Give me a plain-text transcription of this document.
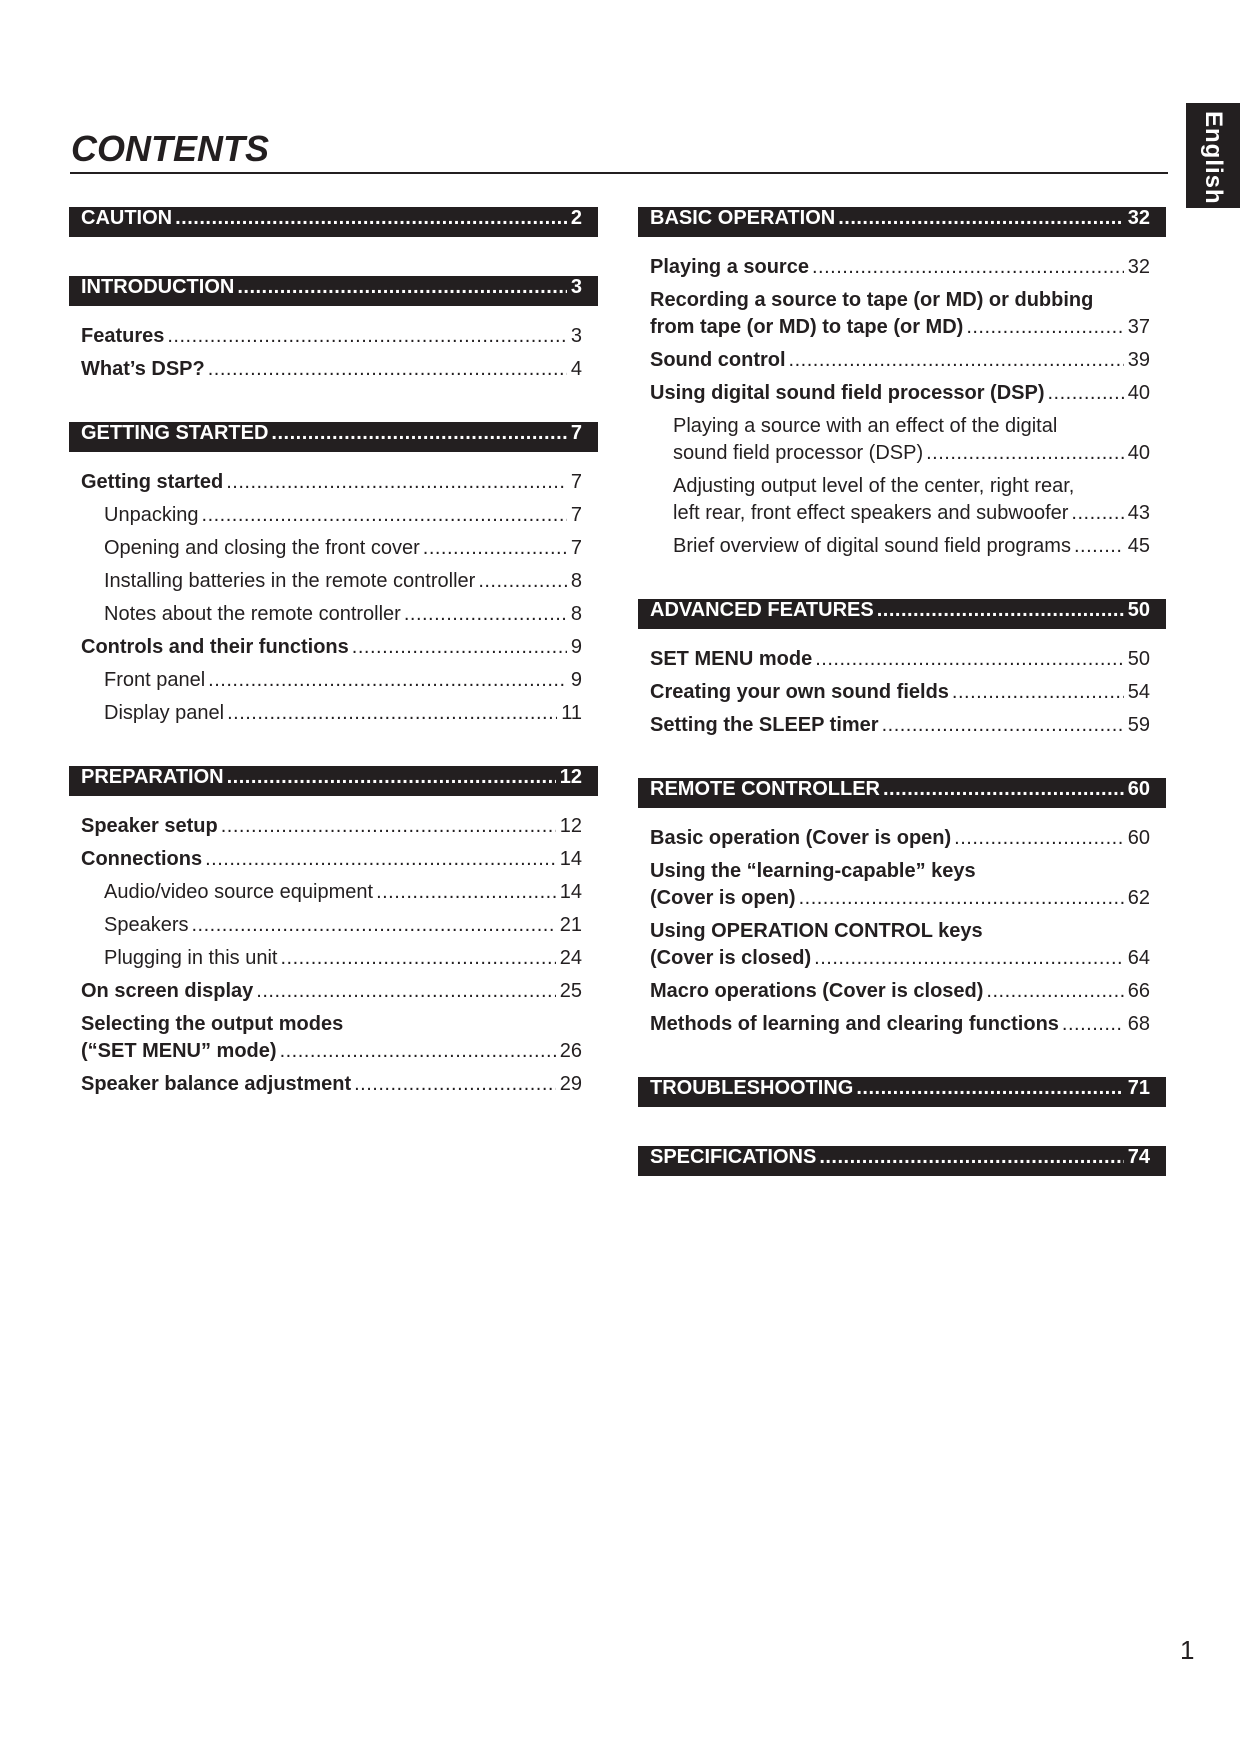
CONTENTS	English
CAUTION .....	2
INTRODUCTION .....	3
Features .....	3
What’s DSP? .....	4
GETTING STARTED .....	7
Getting started .....	7
Unpacking .....	7
Opening and closing the front cover .....	7
Installing batteries in the remote controller .....	8
Notes about the remote controller .....	8
Controls and their functions .....	9
Front panel .....	9
Display panel .....	11
PREPARATION .....	12
Speaker setup .....	12
Connections .....	14
Audio/video source equipment .....	14
Speakers .....	21
Plugging in this unit .....	24
On screen display .....	25
Selecting the output modes
(“SET MENU” mode) .....	26
Speaker balance adjustment .....	29
BASIC OPERATION .....	32
Playing a source .....	32
Recording a source to tape (or MD) or dubbing
from tape (or MD) to tape (or MD) .....	37
Sound control .....	39
Using digital sound field processor (DSP) .....	40
Playing a source with an effect of the digital
sound field processor (DSP) .....	40
Adjusting output level of the center, right rear,
left rear, front effect speakers and subwoofer .....	43
Brief overview of digital sound field programs .....	45
ADVANCED FEATURES .....	50
SET MENU mode .....	50
Creating your own sound fields .....	54
Setting the SLEEP timer .....	59
REMOTE CONTROLLER .....	60
Basic operation (Cover is open) .....	60
Using the “learning-capable” keys
(Cover is open) .....	62
Using OPERATION CONTROL keys
(Cover is closed) .....	64
Macro operations (Cover is closed) .....	66
Methods of learning and clearing functions .....	68
TROUBLESHOOTING .....	71
SPECIFICATIONS .....	74
1
